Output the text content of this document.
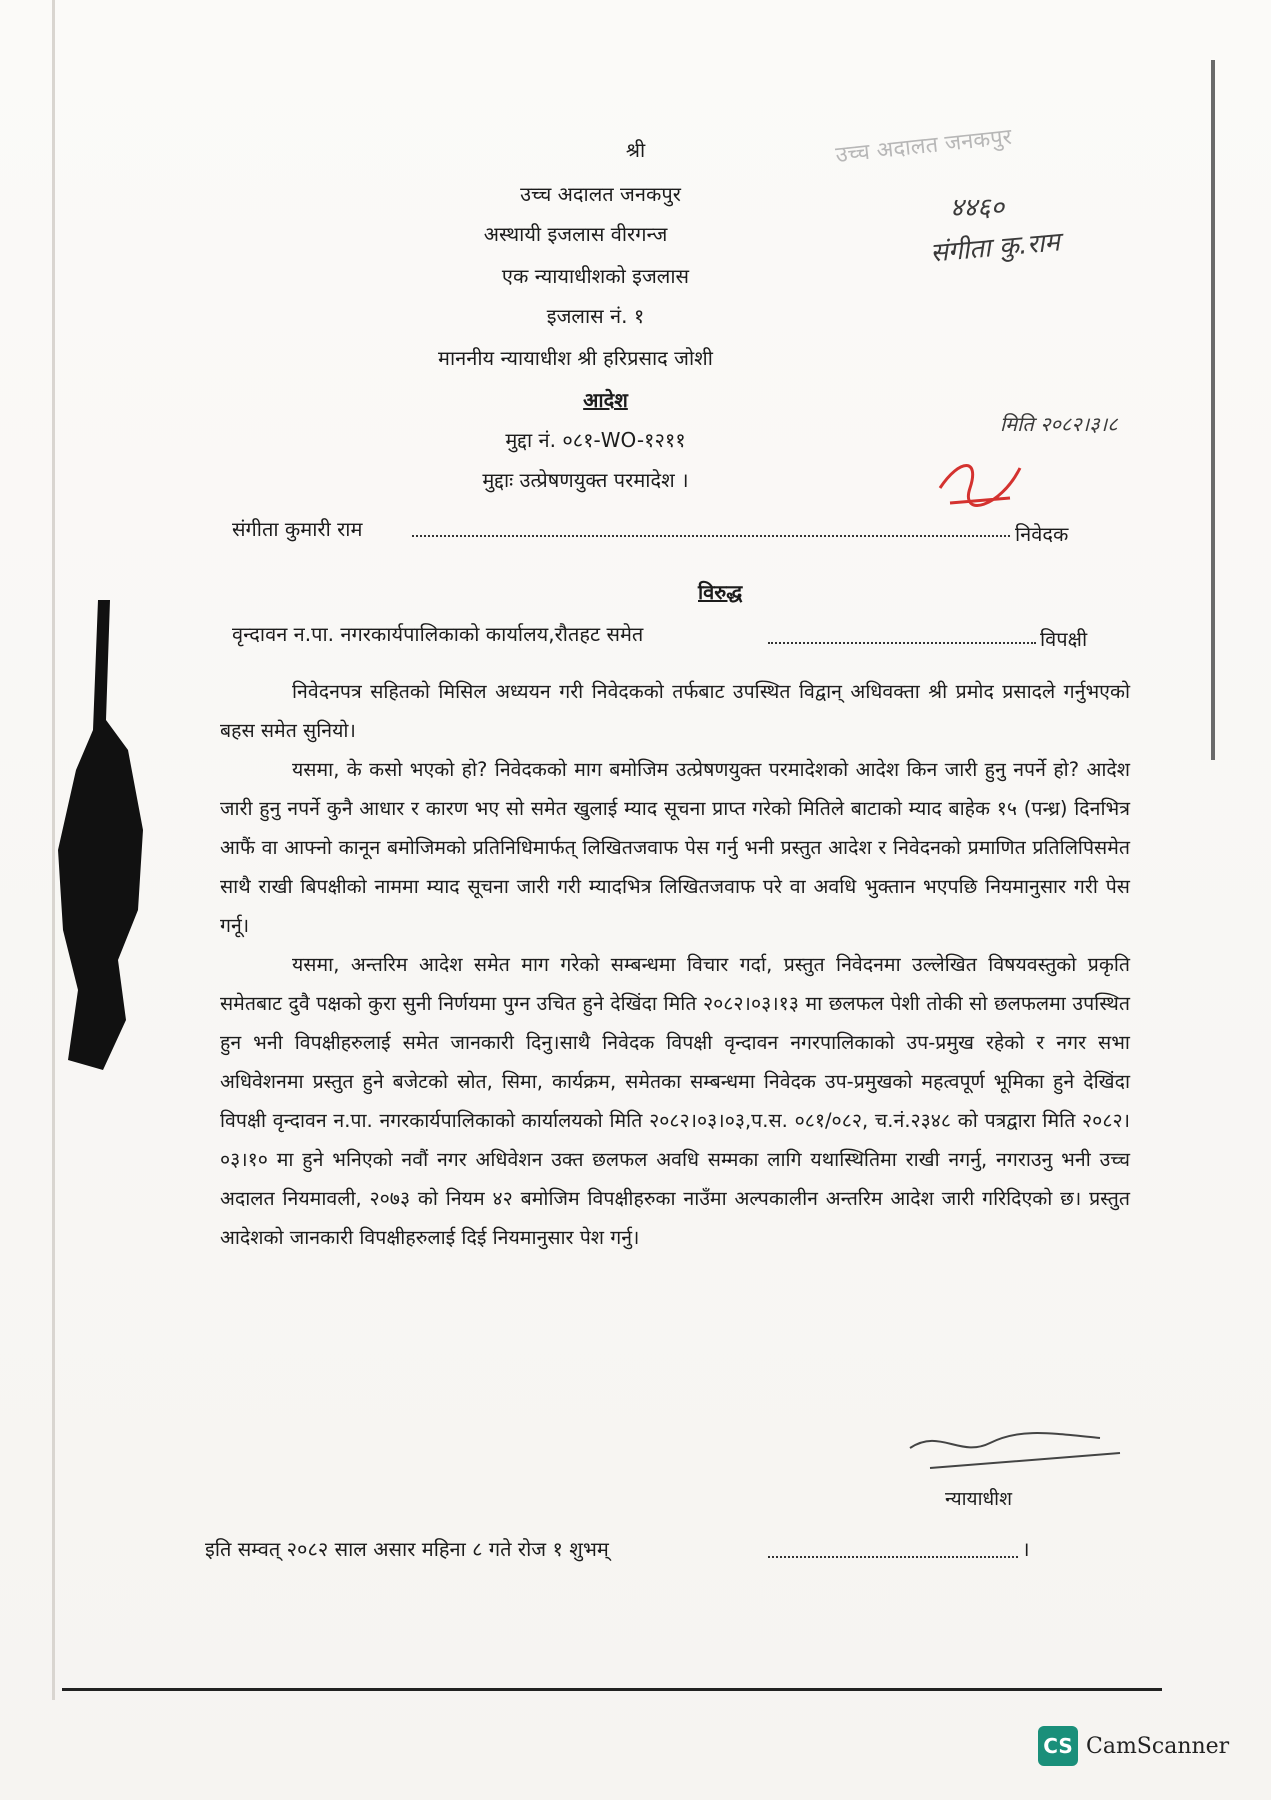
उच्च अदालत जनकपुर
४४६०
संगीता कु.राम
मिति २०८२।३।८
श्री
उच्च अदालत जनकपुर
अस्थायी इजलास वीरगन्ज
एक न्यायाधीशको इजलास
इजलास नं. १
माननीय न्यायाधीश श्री हरिप्रसाद जोशी
आदेश
मुद्दा नं. ०८१-WO-१२११
मुद्दाः उत्प्रेषणयुक्त परमादेश ।
संगीता कुमारी राम	निवेदक
विरुद्ध
वृन्दावन न.पा. नगरकार्यपालिकाको कार्यालय,रौतहट समेत	विपक्षी

निवेदनपत्र सहितको मिसिल अध्ययन गरी निवेदकको तर्फबाट उपस्थित विद्वान् अधिवक्ता श्री प्रमोद प्रसादले गर्नुभएको बहस समेत सुनियो।

यसमा, के कसो भएको हो? निवेदकको माग बमोजिम उत्प्रेषणयुक्त परमादेशको आदेश किन जारी हुनु नपर्ने हो? आदेश जारी हुनु नपर्ने कुनै आधार र कारण भए सो समेत खुलाई म्याद सूचना प्राप्त गरेको मितिले बाटाको म्याद बाहेक १५ (पन्ध्र) दिनभित्र आफैं वा आफ्नो कानून बमोजिमको प्रतिनिधिमार्फत् लिखितजवाफ पेस गर्नु भनी प्रस्तुत आदेश र निवेदनको प्रमाणित प्रतिलिपिसमेत साथै राखी बिपक्षीको नाममा म्याद सूचना जारी गरी म्यादभित्र लिखितजवाफ परे वा अवधि भुक्तान भएपछि नियमानुसार गरी पेस गर्नू।

यसमा, अन्तरिम आदेश समेत माग गरेको सम्बन्धमा विचार गर्दा, प्रस्तुत निवेदनमा उल्लेखित विषयवस्तुको प्रकृति समेतबाट दुवै पक्षको कुरा सुनी निर्णयमा पुग्न उचित हुने देखिंदा मिति २०८२।०३।१३ मा छलफल पेशी तोकी सो छलफलमा उपस्थित हुन भनी विपक्षीहरुलाई समेत जानकारी दिनु।साथै निवेदक विपक्षी वृन्दावन नगरपालिकाको उप-प्रमुख रहेको र नगर सभा अधिवेशनमा प्रस्तुत हुने बजेटको स्रोत, सिमा, कार्यक्रम, समेतका सम्बन्धमा निवेदक उप-प्रमुखको महत्वपूर्ण भूमिका हुने देखिंदा विपक्षी वृन्दावन न.पा. नगरकार्यपालिकाको कार्यालयको मिति २०८२।०३।०३,प.स. ०८१/०८२, च.नं.२३४८ को पत्रद्वारा मिति २०८२।०३।१० मा हुने भनिएको नवौं नगर अधिवेशन उक्त छलफल अवधि सम्मका लागि यथास्थितिमा राखी नगर्नु, नगराउनु भनी उच्च अदालत नियमावली, २०७३ को नियम ४२ बमोजिम विपक्षीहरुका नाउँमा अल्पकालीन अन्तरिम आदेश जारी गरिदिएको छ। प्रस्तुत आदेशको जानकारी विपक्षीहरुलाई दिई नियमानुसार पेश गर्नु।

न्यायाधीश
इति सम्वत् २०८२ साल असार महिना ८ गते रोज १ शुभम्	।
CS CamScanner
